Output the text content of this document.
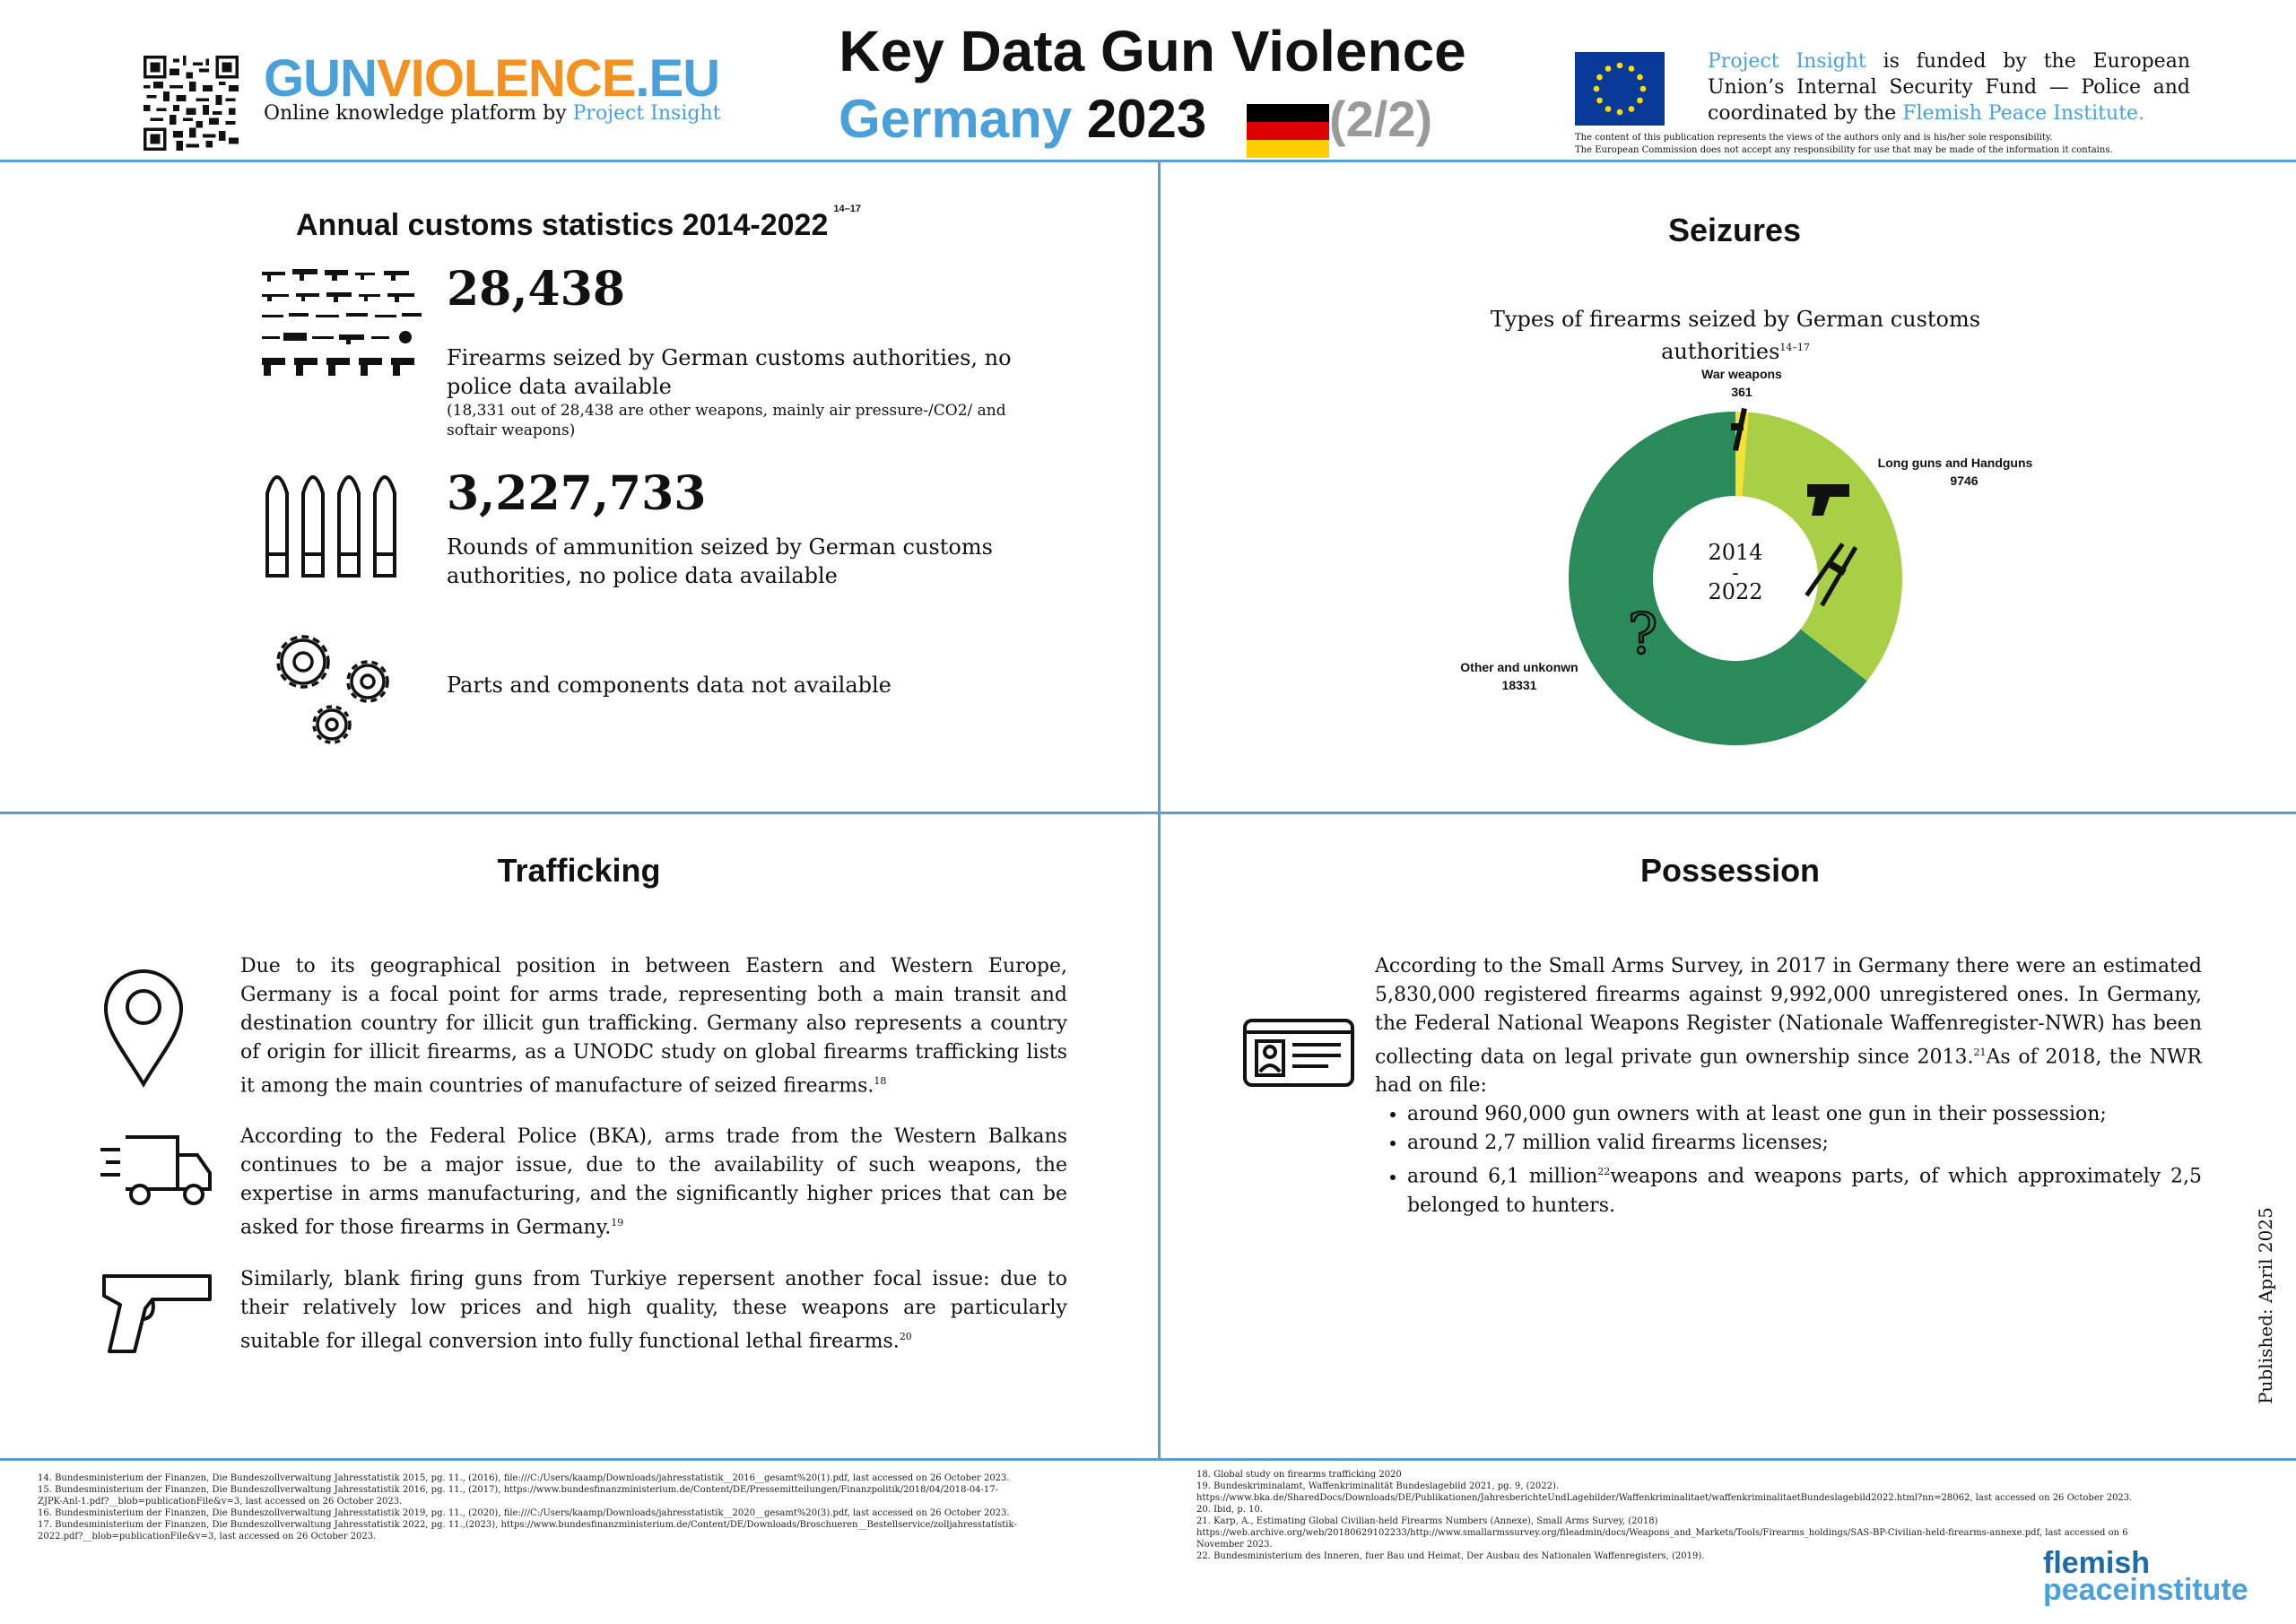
GUNVIOLENCE.EU
Online knowledge platform by Project Insight
Key Data Gun Violence
Germany 2023 (2/2)
Project Insight is funded by the European Union’s Internal Security Fund — Police and coordinated by the Flemish Peace Institute.
The content of this publication represents the views of the authors only and is his/her sole responsibility.
The European Commission does not accept any responsibility for use that may be made of the information it contains.
Annual customs statistics 2014-2022 $^{14-17}$
28,438
Firearms seized by German customs authorities, no police data available
(18,331 out of 28,438 are other weapons, mainly air pressure-/CO2/ and softair weapons)
3,227,733
Rounds of ammunition seized by German customs authorities, no police data available
Parts and components data not available
Seizures
Types of firearms seized by German customs authorities$^{14-17}$
?
War weapons
361
Long guns and Handguns
9746
Other and unkonwn
18331
2014
-
2022
Trafficking
Due to its geographical position in between Eastern and Western Europe, Germany is a focal point for arms trade, representing both a main transit and destination country for illicit gun trafficking. Germany also represents a country of origin for illicit firearms, as a UNODC study on global firearms trafficking lists it among the main countries of manufacture of seized firearms.$^{18}$
According to the Federal Police (BKA), arms trade from the Western Balkans continues to be a major issue, due to the availability of such weapons, the expertise in arms manufacturing, and the significantly higher prices that can be asked for those firearms in Germany.$^{19}$
Similarly, blank firing guns from Turkiye repersent another focal issue: due to their relatively low prices and high quality, these weapons are particularly suitable for illegal conversion into fully functional lethal firearms.$^{20}$
Possession
According to the Small Arms Survey, in 2017 in Germany there were an estimated 5,830,000 registered firearms against 9,992,000 unregistered ones. In Germany, the Federal National Weapons Register (Nationale Waffenregister-NWR) has been collecting data on legal private gun ownership since 2013.21As of 2018, the NWR had on file:
• around 960,000 gun owners with at least one gun in their possession;
• around 2,7 million valid firearms licenses;
• around 6,1 million$^{22}$weapons and weapons parts, of which approximately 2,5 belonged to hunters.
Published: April 2025
14. Bundesministerium der Finanzen, Die Bundeszollverwaltung Jahresstatistik 2015, pg. 11., (2016), file:///C:/Users/kaamp/Downloads/jahresstatistik__2016__gesamt%20(1).pdf, last accessed on 26 October 2023.
15. Bundesministerium der Finanzen, Die Bundeszollverwaltung Jahresstatistik 2016, pg. 11., (2017), https://www.bundesfinanzministerium.de/Content/DE/Pressemitteilungen/Finanzpolitik/2018/04/2018-04-17-
ZJPK-Anl-1.pdf?__blob=publicationFile&v=3, last accessed on 26 October 2023.
16. Bundesministerium der Finanzen, Die Bundeszollverwaltung Jahresstatistik 2019, pg. 11., (2020), file:///C:/Users/kaamp/Downloads/jahresstatistik__2020__gesamt%20(3).pdf, last accessed on 26 October 2023.
17. Bundesministerium der Finanzen, Die Bundeszollverwaltung Jahresstatistik 2022, pg. 11.,(2023), https://www.bundesfinanzministerium.de/Content/DE/Downloads/Broschueren__Bestellservice/zolljahresstatistik-
2022.pdf?__blob=publicationFile&v=3, last accessed on 26 October 2023.
18. Global study on firearms trafficking 2020
19. Bundeskriminalamt, Waffenkriminalität Bundeslagebild 2021, pg. 9, (2022).
https://www.bka.de/SharedDocs/Downloads/DE/Publikationen/JahresberichteUndLagebilder/Waffenkriminalitaet/waffenkriminalitaetBundeslagebild2022.html?nn=28062, last accessed on 26 October 2023.
20. Ibid, p. 10.
21. Karp, A., Estimating Global Civilian-held Firearms Numbers (Annexe), Small Arms Survey, (2018)
https://web.archive.org/web/20180629102233/http://www.smallarmssurvey.org/fileadmin/docs/Weapons_and_Markets/Tools/Firearms_holdings/SAS-BP-Civilian-held-firearms-annexe.pdf, last accessed on 6
November 2023.
22. Bundesministerium des Inneren, fuer Bau und Heimat, Der Ausbau des Nationalen Waffenregisters, (2019).	flemish
peaceinstitute
